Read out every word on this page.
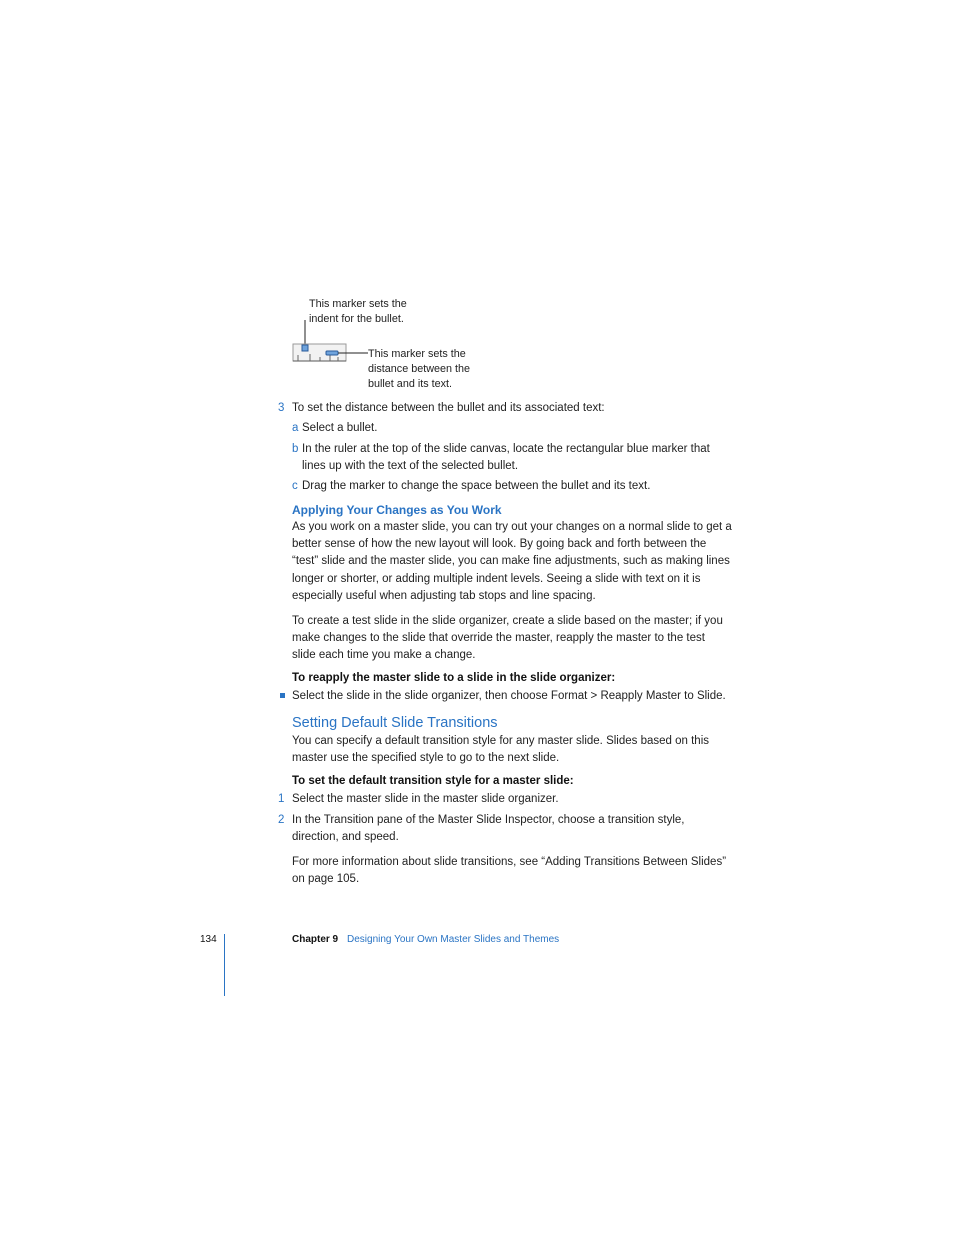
This marker sets the
indent for the bullet.
This marker sets the
distance between the
bullet and its text.
3 To set the distance between the bullet and its associated text:
a Select a bullet.
b In the ruler at the top of the slide canvas, locate the rectangular blue marker that
lines up with the text of the selected bullet.
c Drag the marker to change the space between the bullet and its text.
Applying Your Changes as You Work
As you work on a master slide, you can try out your changes on a normal slide to get a
better sense of how the new layout will look. By going back and forth between the
“test” slide and the master slide, you can make fine adjustments, such as making lines
longer or shorter, or adding multiple indent levels. Seeing a slide with text on it is
especially useful when adjusting tab stops and line spacing.
To create a test slide in the slide organizer, create a slide based on the master; if you
make changes to the slide that override the master, reapply the master to the test
slide each time you make a change.
To reapply the master slide to a slide in the slide organizer:
Select the slide in the slide organizer, then choose Format > Reapply Master to Slide.
Setting Default Slide Transitions
You can specify a default transition style for any master slide. Slides based on this
master use the specified style to go to the next slide.
To set the default transition style for a master slide:
1 Select the master slide in the master slide organizer.
2 In the Transition pane of the Master Slide Inspector, choose a transition style,
direction, and speed.
For more information about slide transitions, see “Adding Transitions Between Slides”
on page 105.
134	Chapter 9 Designing Your Own Master Slides and Themes
